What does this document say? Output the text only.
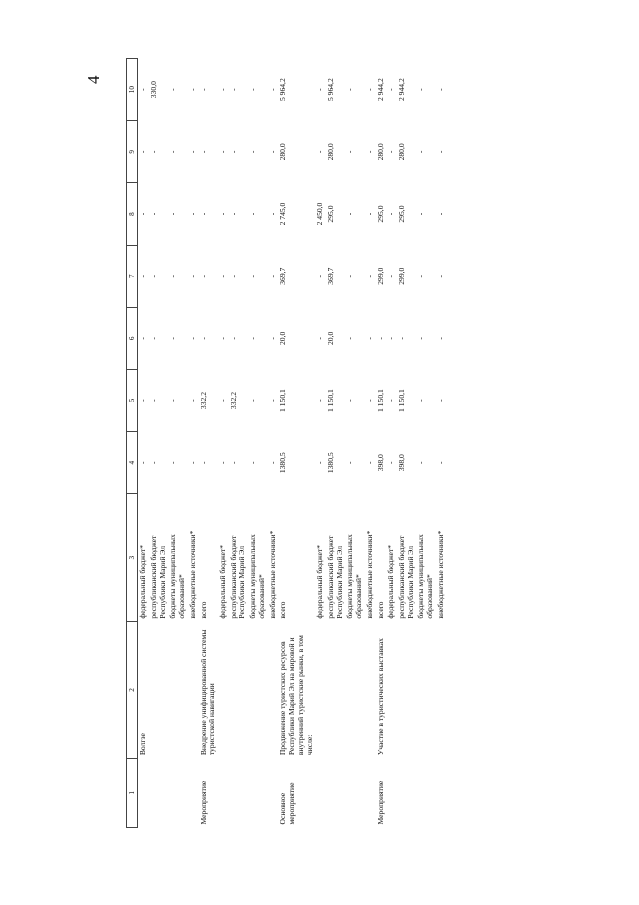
4
1	2	3	4	5	6	7	8	9	10
	Волгзе	федеральный бюджет*	-	-	-	-	-	-	-
		республиканский бюджет Республики Марий Эл	-	-	-	-	-	-	330,0
		бюджеты муниципальных образований*	-	-	-	-	-	-	-
		внебюджетные источники*	-	-	-	-	-	-	-
Мероприятие	Внедрение унифицированной системы туристской навигации	всего	-	332,2	-	-	-	-	-
		федеральный бюджет*	-	-	-	-	-	-	-
		республиканский бюджет Республики Марий Эл	-	332,2	-	-	-	-	-
		бюджеты муниципальных образований*	-	-	-	-	-	-	-
		внебюджетные источники*	-	-	-	-	-	-	-
Основное мероприятие	Продвижение туристских ресурсов Республики Марий Эл на мировой и внутренний туристские рынки, в том числе:	всего	1380,5	1 150,1	20,0	369,7	2 745,0	280,0	5 964,2
		федеральный бюджет*	-	-	-	-	2 450,0	-	-
		республиканский бюджет Республики Марий Эл	1380,5	1 150,1	20,0	369,7	295,0	280,0	5 964,2
		бюджеты муниципальных образований*	-	-	-	-	-	-	-
		внебюджетные источники*	-	-	-	-	-	-	-
Мероприятие	Участие в туристических выставках	всего	398,0	1 150,1	-	299,0	295,0	280,0	2 944,2
		федеральный бюджет*	-	-	-	-	-	-	-
		республиканский бюджет Республики Марий Эл	398,0	1 150,1	-	299,0	295,0	280,0	2 944,2
		бюджеты муниципальных образований*	-	-	-	-	-	-	-
		внебюджетные источники*	-	-	-	-	-	-	-
